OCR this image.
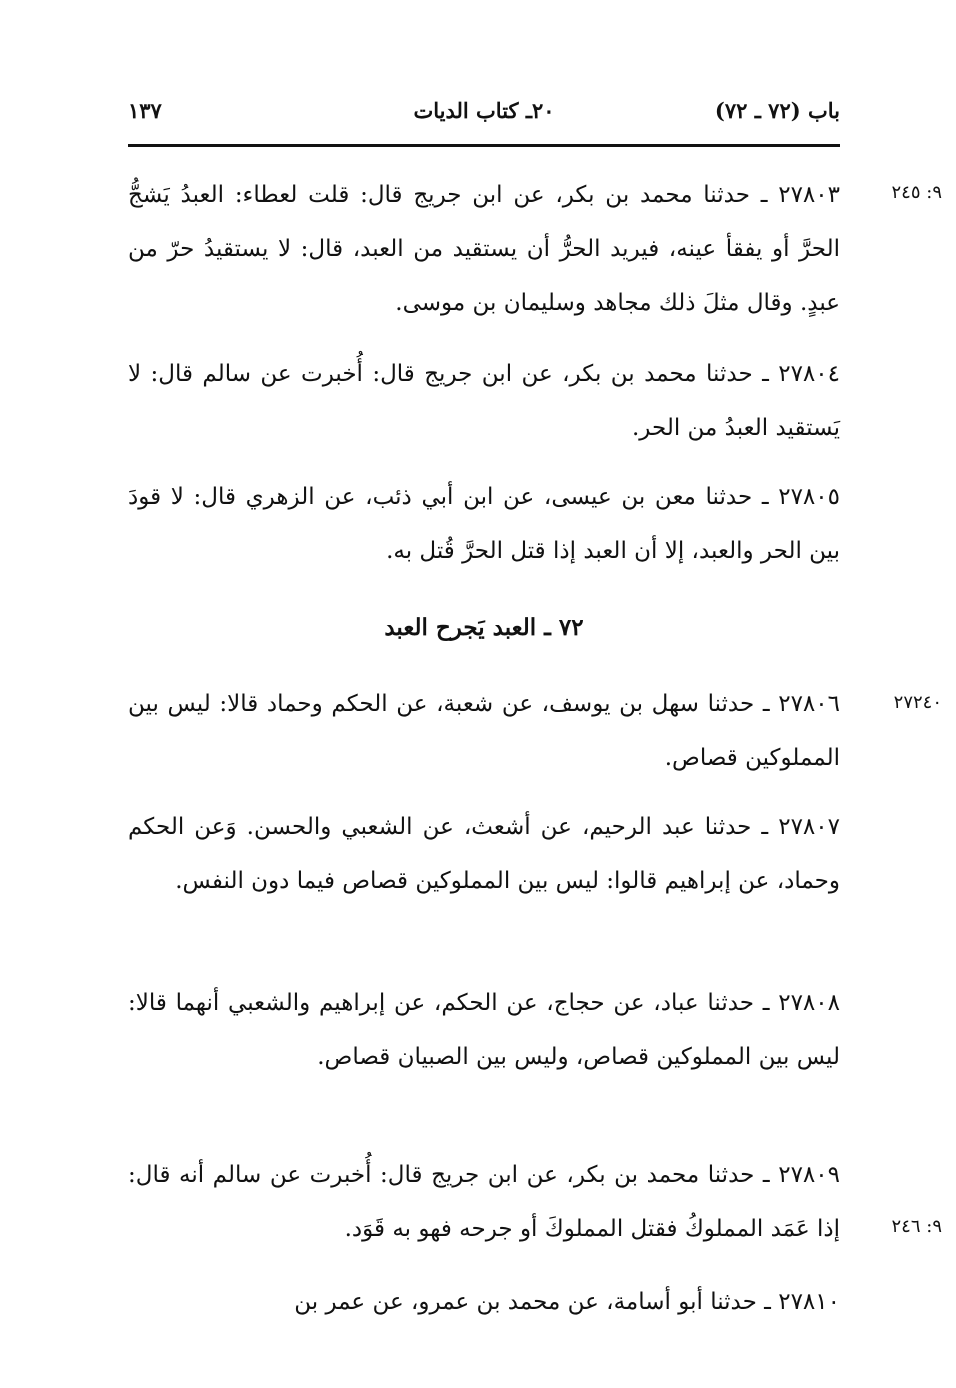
باب (٧٢ ـ ٧٢)
٢٠ـ كتاب الديات
١٣٧
٩: ٢٤٥

٢٧٨٠٣ ـ حدثنا محمد بن بكر، عن ابن جريج قال: قلت لعطاء: العبدُ يَشجُّ الحرَّ أو يفقأ عينه، فيريد الحرُّ أن يستقيد من العبد، قال: لا يستقيدُ حرّ من عبدٍ. وقال مثلَ ذلك مجاهد وسليمان بن موسى.

٢٧٨٠٤ ـ حدثنا محمد بن بكر، عن ابن جريج قال: أُخبرت عن سالم قال: لا يَستقيد العبدُ من الحر.

٢٧٨٠٥ ـ حدثنا معن بن عيسى، عن ابن أبي ذئب، عن الزهري قال: لا قودَ بين الحر والعبد، إلا أن العبد إذا قتل الحرَّ قُتل به.

٧٢ ـ العبد يَجرح العبد

٢٧٢٤٠

٢٧٨٠٦ ـ حدثنا سهل بن يوسف، عن شعبة، عن الحكم وحماد قالا: ليس بين المملوكين قصاص.

٢٧٨٠٧ ـ حدثنا عبد الرحيم، عن أشعث، عن الشعبي والحسن. وَعن الحكم وحماد، عن إبراهيم قالوا: ليس بين المملوكين قصاص فيما دون النفس.

٢٧٨٠٨ ـ حدثنا عباد، عن حجاج، عن الحكم، عن إبراهيم والشعبي أنهما قالا: ليس بين المملوكين قصاص، وليس بين الصبيان قصاص.

٢٧٨٠٩ ـ حدثنا محمد بن بكر، عن ابن جريج قال: أُخبرت عن سالم أنه قال: إذا عَمَد المملوكُ فقتل المملوكَ أو جرحه فهو به قَوَد.	٩: ٢٤٦

٢٧٨١٠ ـ حدثنا أبو أسامة، عن محمد بن عمرو، عن عمر بن
